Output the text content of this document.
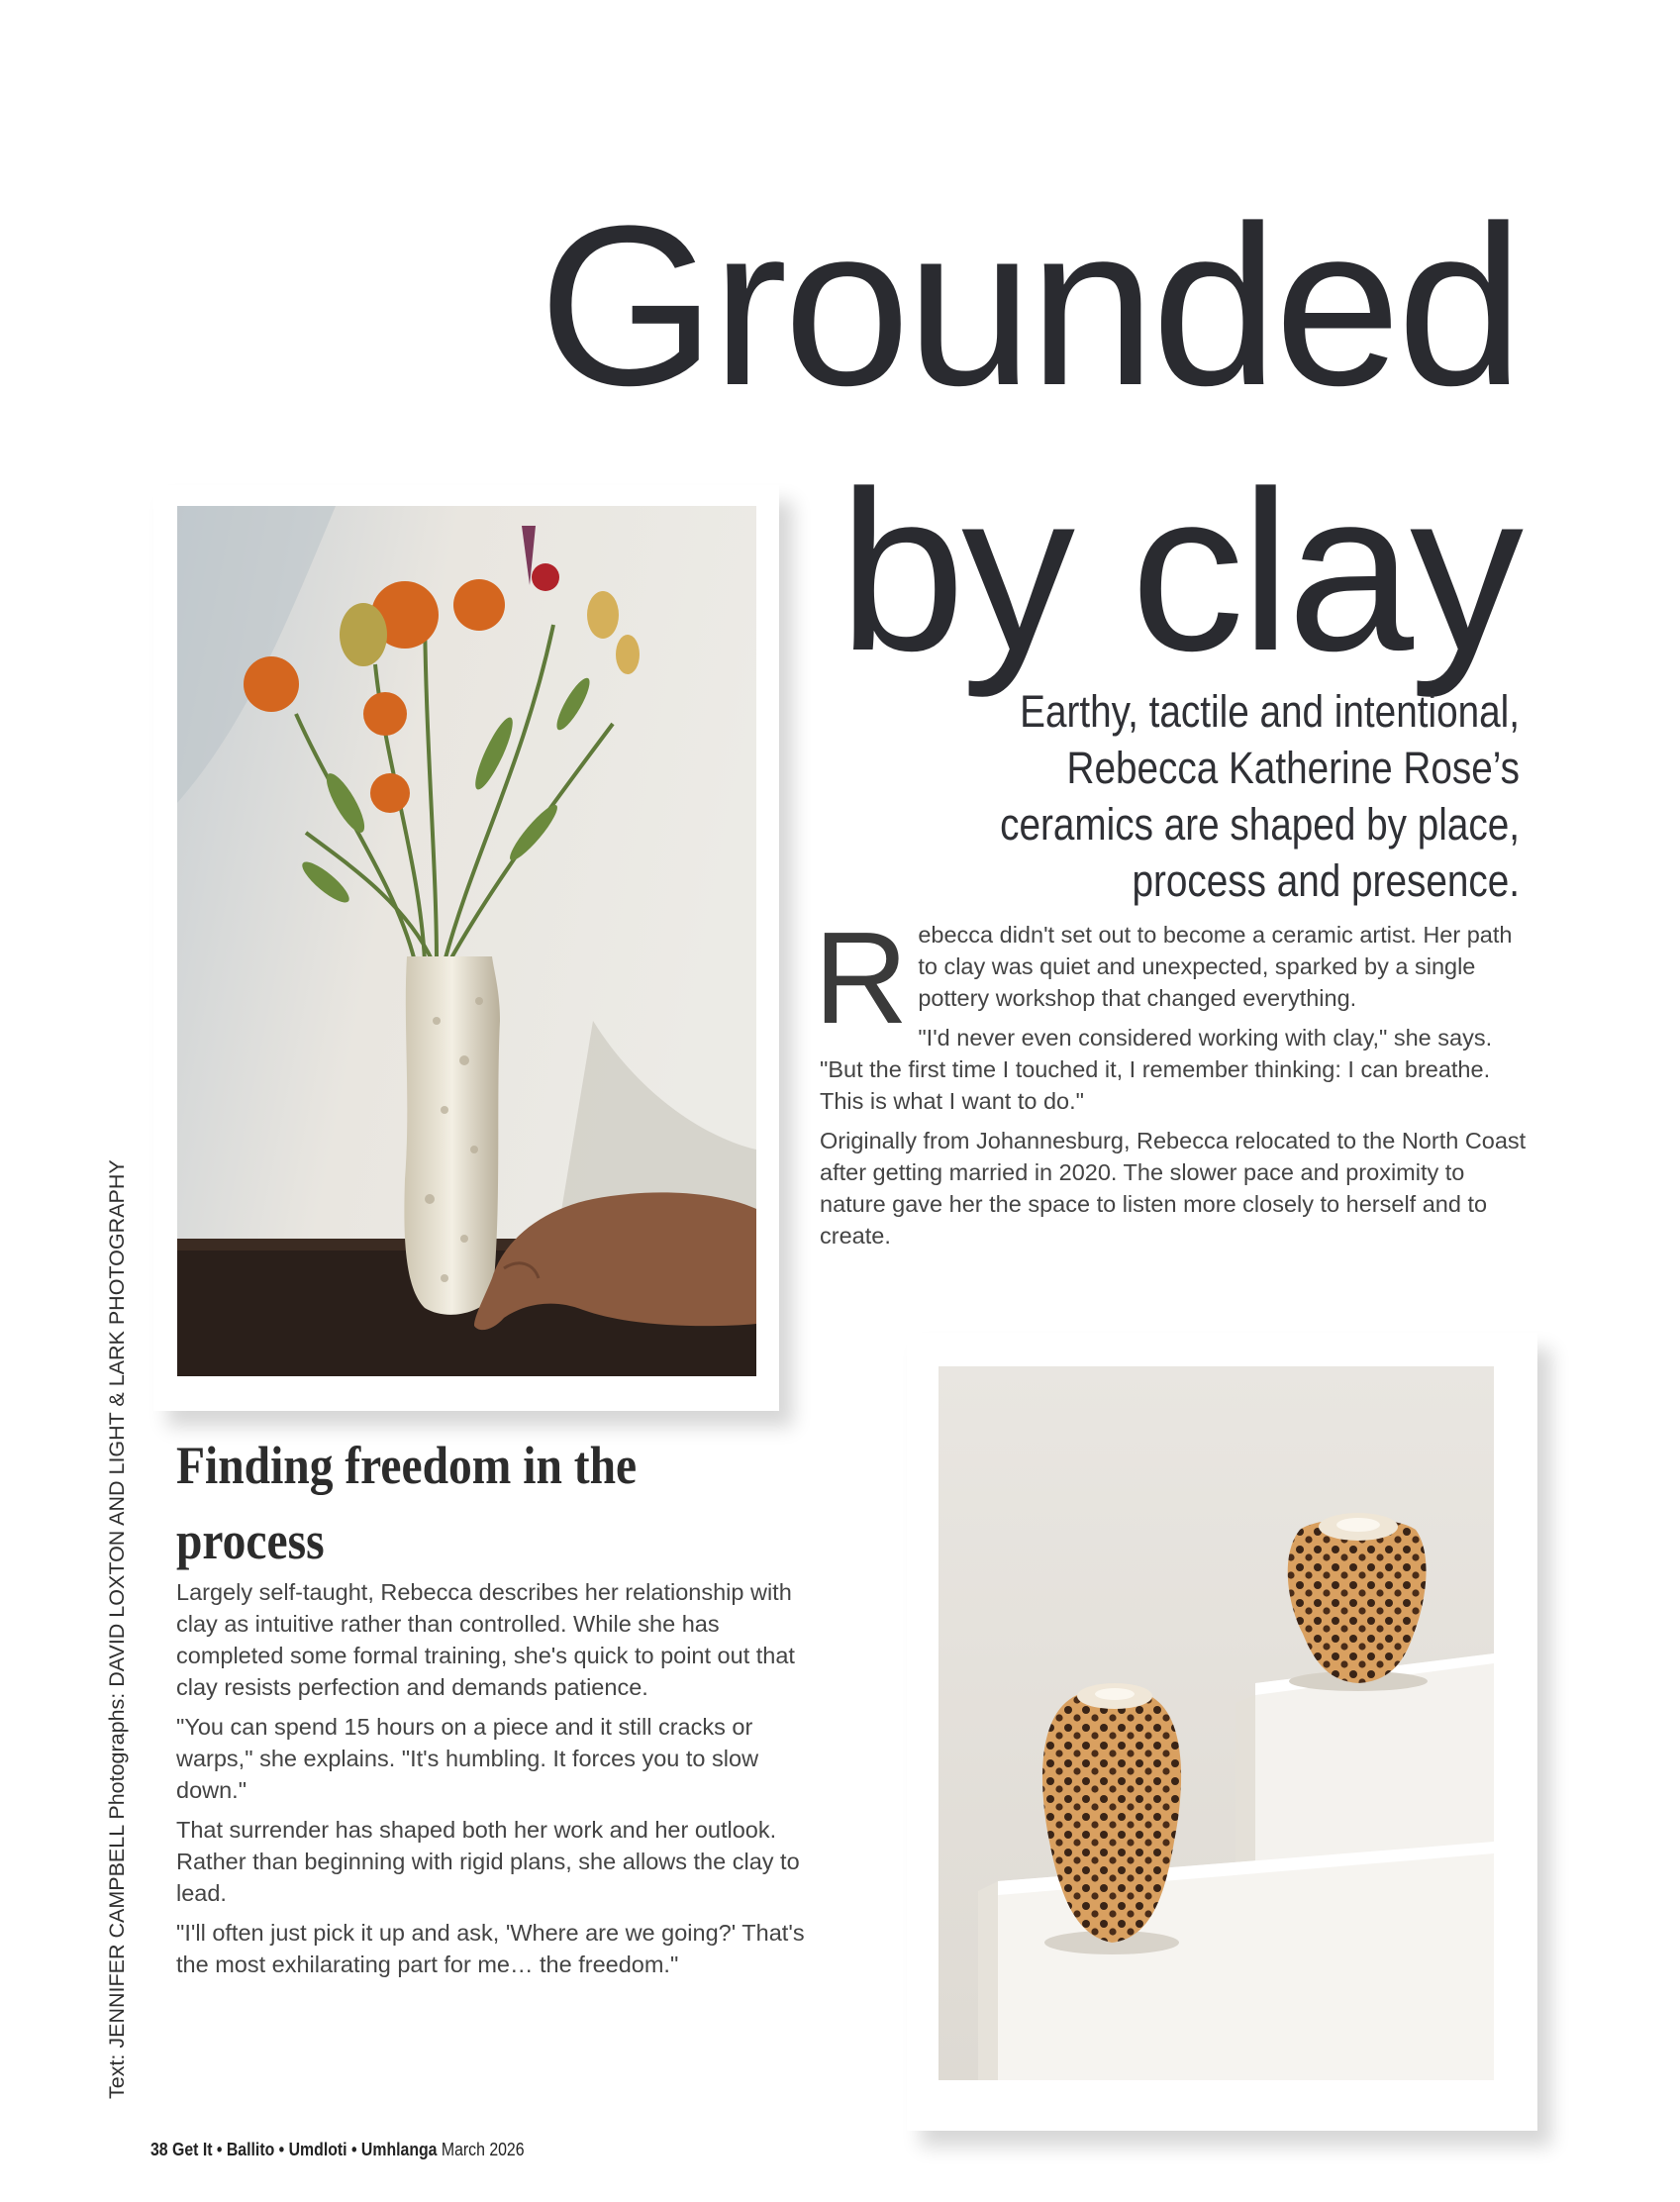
Grounded
by clay

Earthy, tactile and intentional, Rebecca Katherine Rose’s ceramics are shaped by place, process and presence.

Rebecca didn't set out to become a ceramic artist. Her path to clay was quiet and unexpected, sparked by a single pottery workshop that changed everything.

"I'd never even considered working with clay," she says. "But the first time I touched it, I remember thinking: I can breathe. This is what I want to do."

Originally from Johannesburg, Rebecca relocated to the North Coast after getting married in 2020. The slower pace and proximity to nature gave her the space to listen more closely to herself and to create.

Finding freedom in the process

Largely self-taught, Rebecca describes her relationship with clay as intuitive rather than controlled. While she has completed some formal training, she's quick to point out that clay resists perfection and demands patience.

"You can spend 15 hours on a piece and it still cracks or warps," she explains. "It's humbling. It forces you to slow down."

That surrender has shaped both her work and her outlook. Rather than beginning with rigid plans, she allows the clay to lead.

"I'll often just pick it up and ask, 'Where are we going?' That's the most exhilarating part for me… the freedom."

Text: JENNIFER CAMPBELL Photographs: DAVID LOXTON AND LIGHT & LARK PHOTOGRAPHY

38 Get It • Ballito • Umdloti • Umhlanga March 2026
